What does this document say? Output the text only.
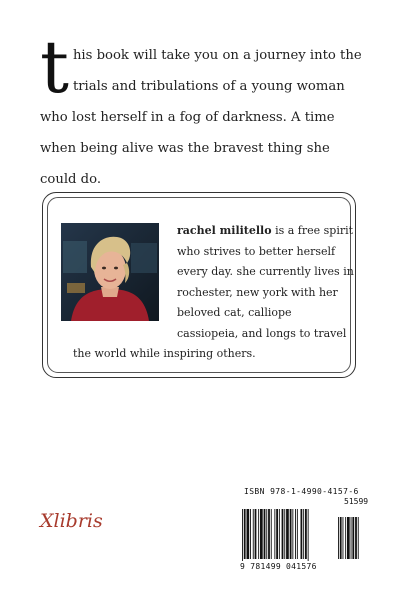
this book will take you on a journey into the trials and tribulations of a young woman who lost herself in a fog of darkness. A time when being alive was the bravest thing she could do.
rachel militello is a free spirit who strives to better herself every day. she currently lives in rochester, new york with her beloved cat, calliope cassiopeia, and longs to travel the world while inspiring others.
Xlibris
ISBN 978-1-4990-4157-6
51599
9 781499 041576
